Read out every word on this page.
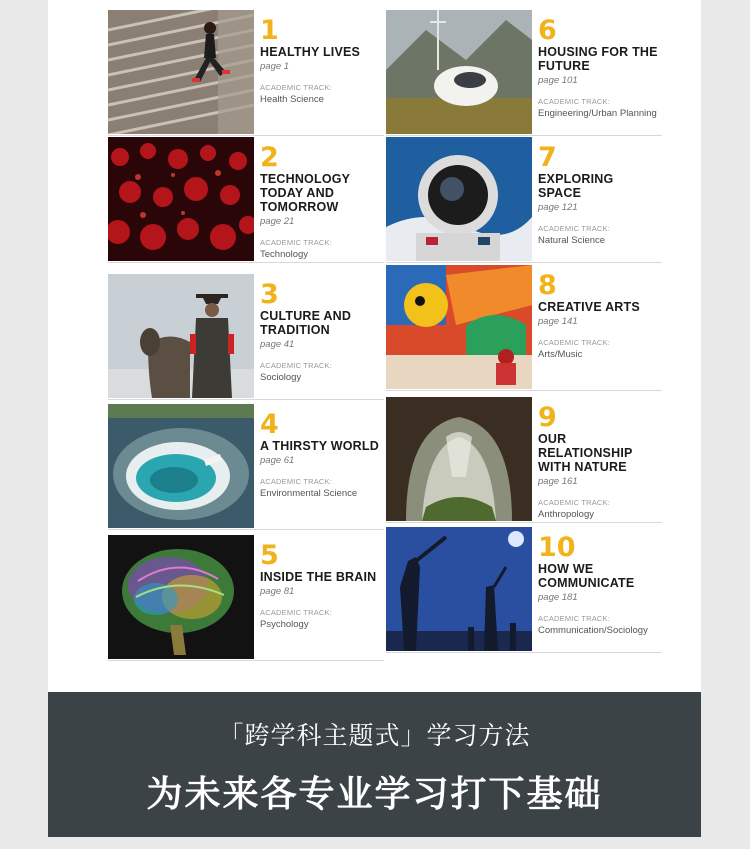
1
HEALTHY LIVES
page 1
ACADEMIC TRACK:
Health Science
2
TECHNOLOGY TODAY AND TOMORROW
page 21
ACADEMIC TRACK:
Technology
3
CULTURE AND TRADITION
page 41
ACADEMIC TRACK:
Sociology
4
A THIRSTY WORLD
page 61
ACADEMIC TRACK:
Environmental Science
5
INSIDE THE BRAIN
page 81
ACADEMIC TRACK:
Psychology
6
HOUSING FOR THE FUTURE
page 101
ACADEMIC TRACK:
Engineering/Urban Planning
7
EXPLORING SPACE
page 121
ACADEMIC TRACK:
Natural Science
8
CREATIVE ARTS
page 141
ACADEMIC TRACK:
Arts/Music
9
OUR RELATIONSHIP WITH NATURE
page 161
ACADEMIC TRACK:
Anthropology
10
HOW WE COMMUNICATE
page 181
ACADEMIC TRACK:
Communication/Sociology
「跨学科主题式」学习方法
为未来各专业学习打下基础
